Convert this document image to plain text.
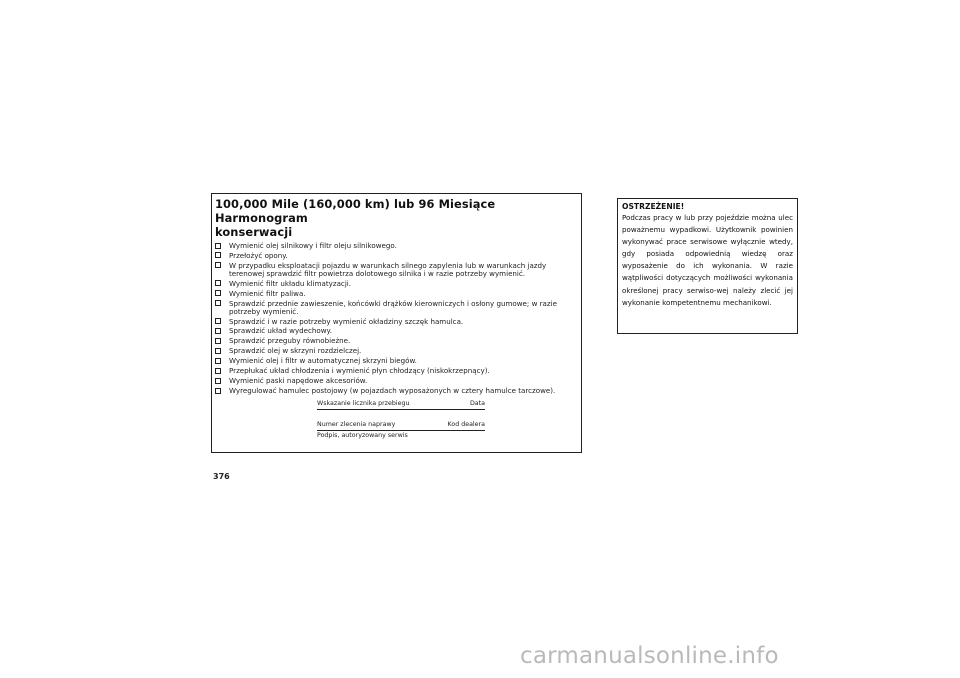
100,000 Mile (160,000 km) lub 96 Miesiące Harmonogram
konserwacji
Wymienić olej silnikowy i filtr oleju silnikowego.
Przełożyć opony.
W przypadku eksploatacji pojazdu w warunkach silnego zapylenia lub w warunkach jazdy terenowej sprawdzić filtr powietrza dolotowego silnika i w razie potrzeby wymienić.
Wymienić filtr układu klimatyzacji.
Wymienić filtr paliwa.
Sprawdzić przednie zawieszenie, końcówki drążków kierowniczych i osłony gumowe; w razie potrzeby wymienić.
Sprawdzić i w razie potrzeby wymienić okładziny szczęk hamulca.
Sprawdzić układ wydechowy.
Sprawdzić przeguby równobieżne.
Sprawdzić olej w skrzyni rozdzielczej.
Wymienić olej i filtr w automatycznej skrzyni biegów.
Przepłukać układ chłodzenia i wymienić płyn chłodzący (niskokrzepnący).
Wymienić paski napędowe akcesoriów.
Wyregulować hamulec postojowy (w pojazdach wyposażonych w cztery hamulce tarczowe).
Wskazanie licznika przebiegu	Data
Numer zlecenia naprawy	Kod dealera
Podpis, autoryzowany serwis
OSTRZEŻENIE!
Podczas pracy w lub przy pojeździe można ulec poważnemu wypadkowi. Użytkownik powinien wykonywać prace serwisowe wyłącznie wtedy, gdy posiada odpowiednią wiedzę oraz wyposażenie do ich wykonania. W razie wątpliwości dotyczących możliwości wykonania określonej pracy serwiso-wej należy zlecić jej wykonanie kompetentnemu mechanikowi.
376
carmanualsonline.info
